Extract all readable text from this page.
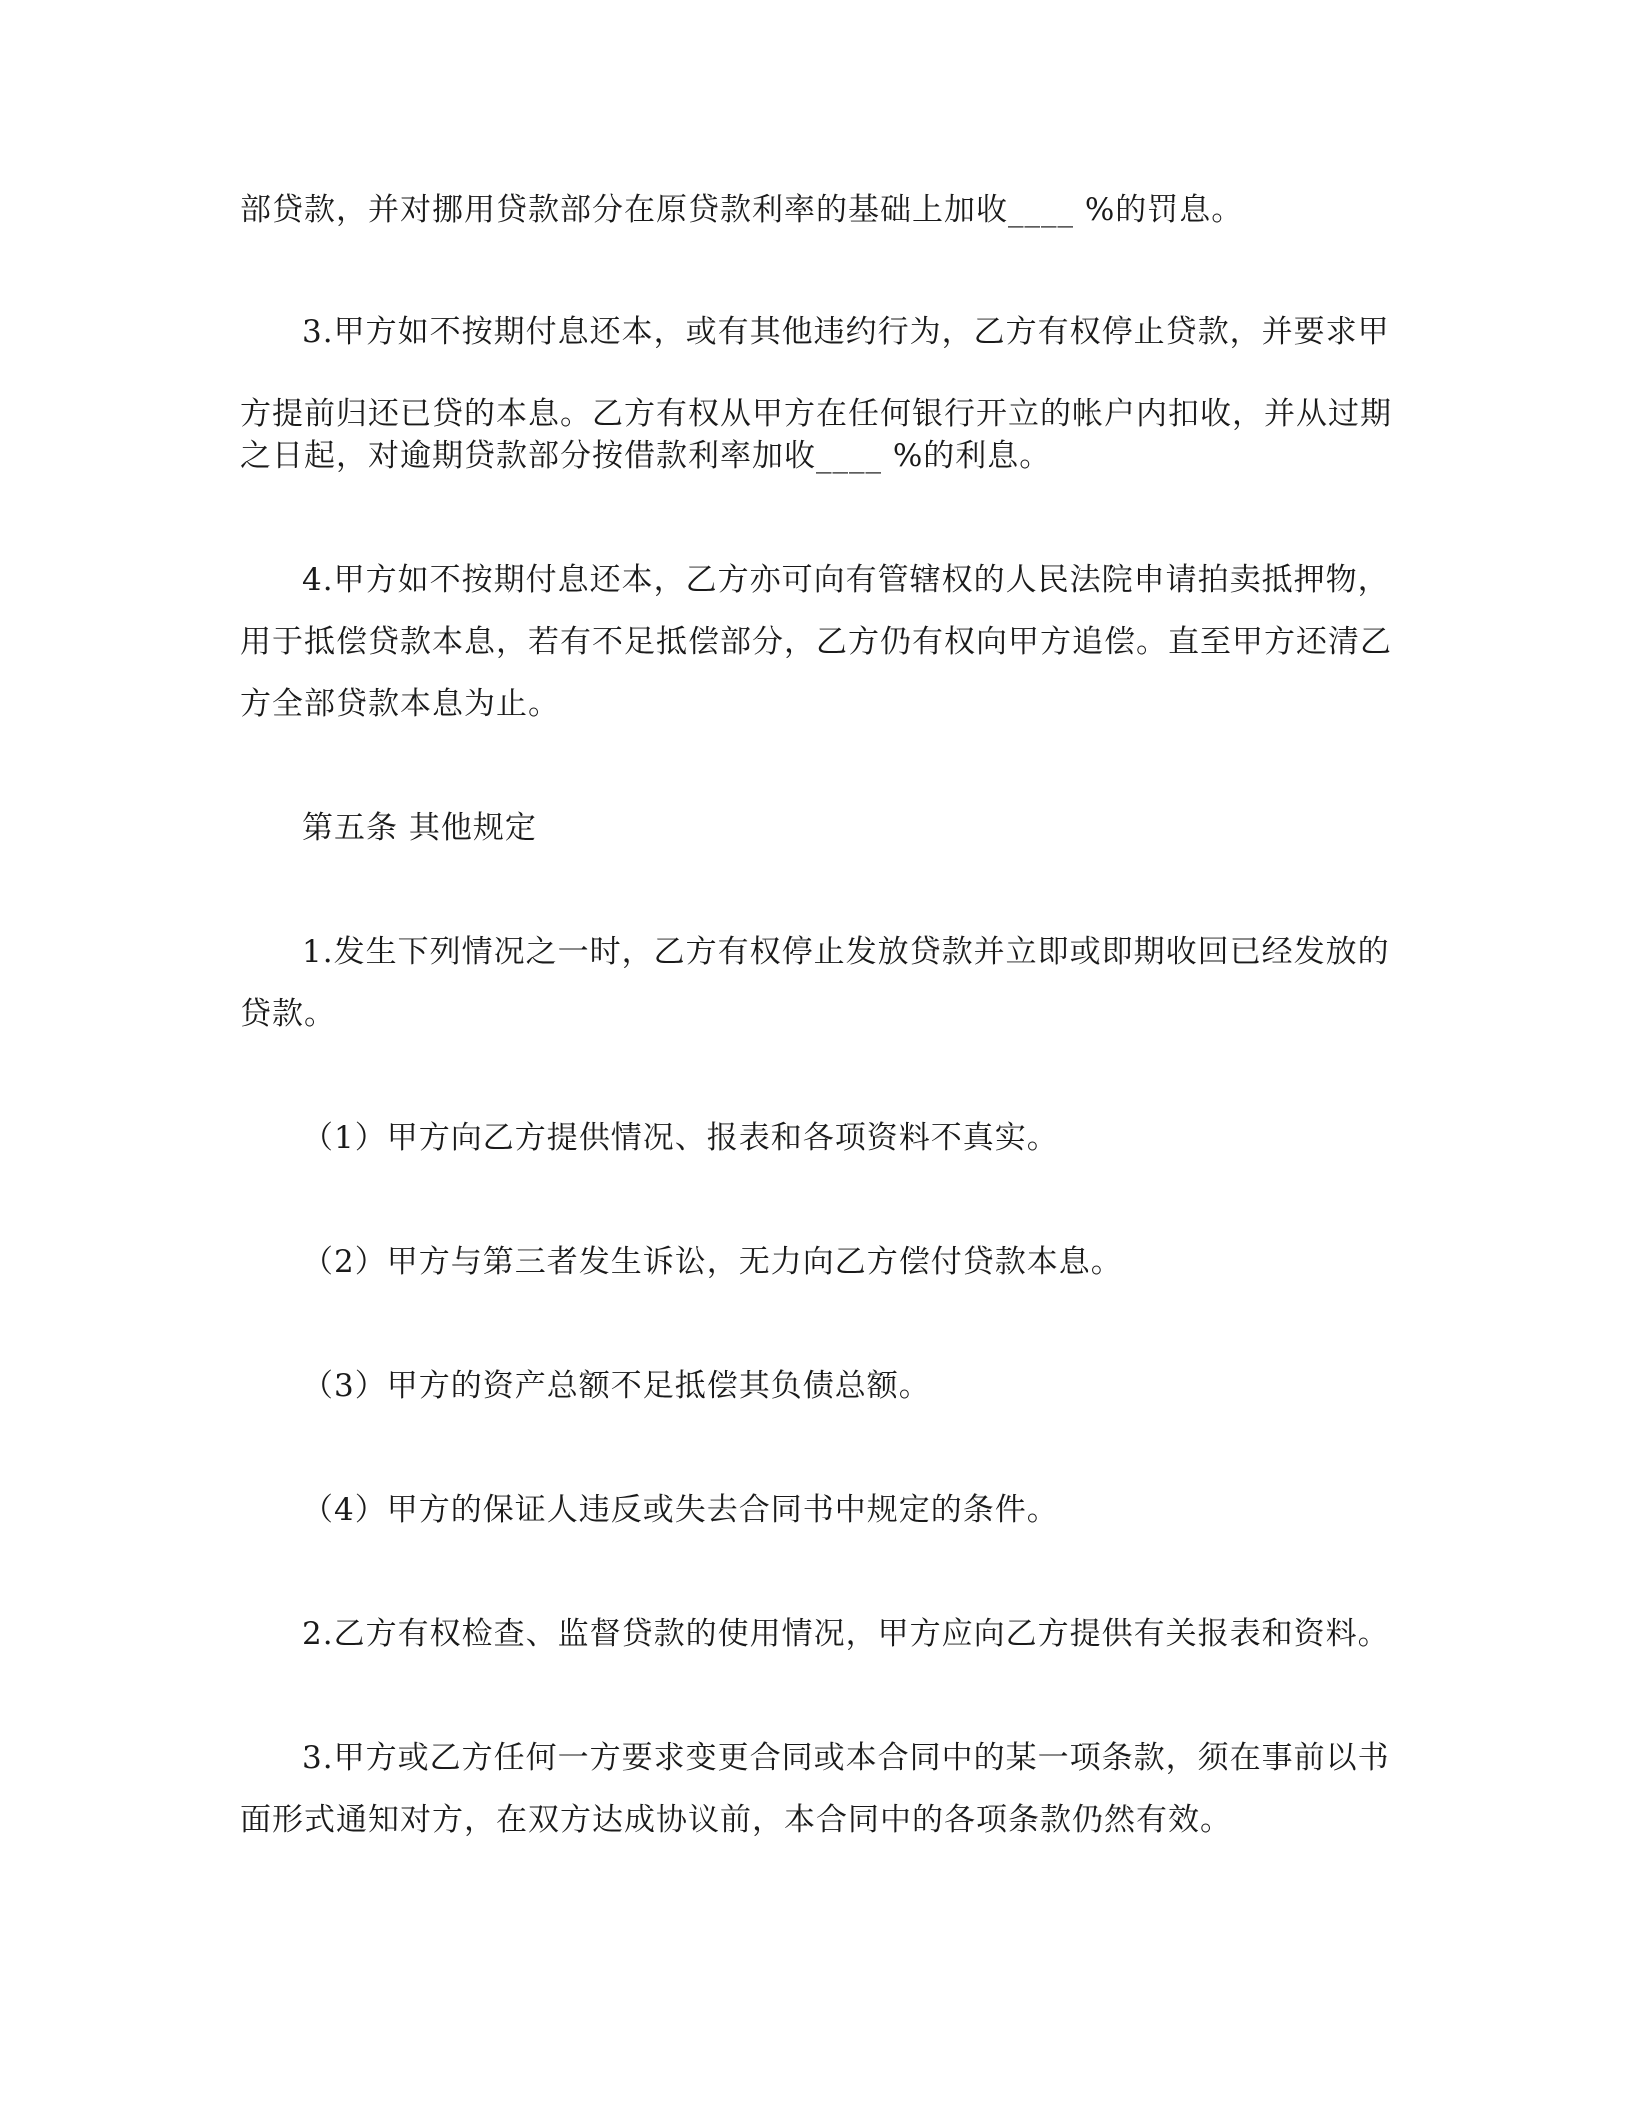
部贷款，并对挪用贷款部分在原贷款利率的基础上加收____ %的罚息。
3.甲方如不按期付息还本，或有其他违约行为，乙方有权停止贷款，并要求甲
方提前归还已贷的本息。乙方有权从甲方在任何银行开立的帐户内扣收，并从过期
之日起，对逾期贷款部分按借款利率加收____ %的利息。
4.甲方如不按期付息还本，乙方亦可向有管辖权的人民法院申请拍卖抵押物，
用于抵偿贷款本息，若有不足抵偿部分，乙方仍有权向甲方追偿。直至甲方还清乙
方全部贷款本息为止。
第五条 其他规定
1.发生下列情况之一时，乙方有权停止发放贷款并立即或即期收回已经发放的
贷款。
（1）甲方向乙方提供情况、报表和各项资料不真实。
（2）甲方与第三者发生诉讼，无力向乙方偿付贷款本息。
（3）甲方的资产总额不足抵偿其负债总额。
（4）甲方的保证人违反或失去合同书中规定的条件。
2.乙方有权检查、监督贷款的使用情况，甲方应向乙方提供有关报表和资料。
3.甲方或乙方任何一方要求变更合同或本合同中的某一项条款，须在事前以书
面形式通知对方，在双方达成协议前，本合同中的各项条款仍然有效。
